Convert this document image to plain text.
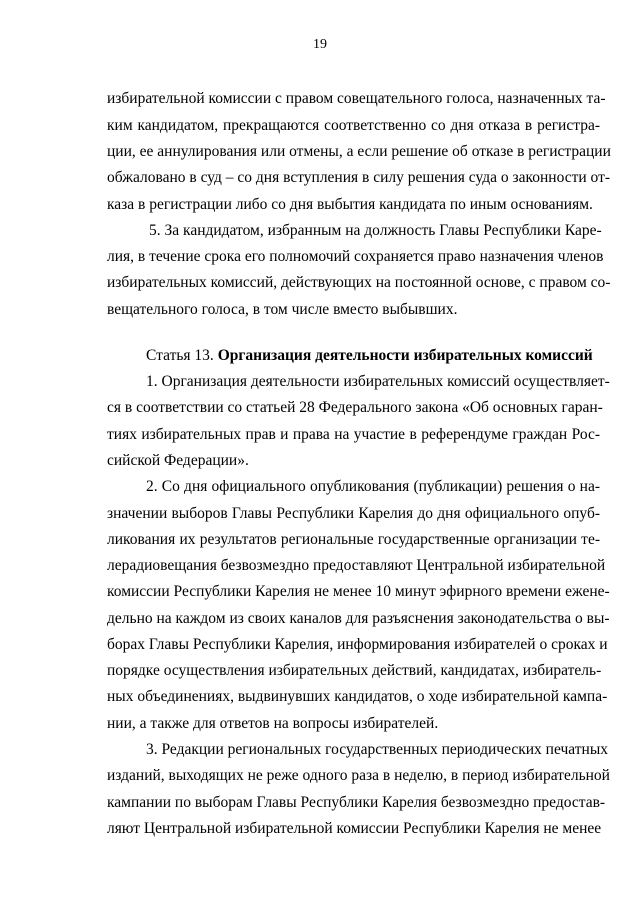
19
избирательной комиссии с правом совещательного голоса, назначенных та-
ким кандидатом, прекращаются соответственно со дня отказа в регистра-
ции, ее аннулирования или отмены, а если решение об отказе в регистрации
обжаловано в суд – со дня вступления в силу решения суда о законности от-
каза в регистрации либо со дня выбытия кандидата по иным основаниям.
5. За кандидатом, избранным на должность Главы Республики Каре-
лия, в течение срока его полномочий сохраняется право назначения членов
избирательных комиссий, действующих на постоянной основе, с правом со-
вещательного голоса, в том числе вместо выбывших.
Статья 13. Организация деятельности избирательных комиссий
1. Организация деятельности избирательных комиссий осуществляет-
ся в соответствии со статьей 28 Федерального закона «Об основных гаран-
тиях избирательных прав и права на участие в референдуме граждан Рос-
сийской Федерации».
2. Со дня официального опубликования (публикации) решения о на-
значении выборов Главы Республики Карелия до дня официального опуб-
ликования их результатов региональные государственные организации те-
лерадиовещания безвозмездно предоставляют Центральной избирательной
комиссии Республики Карелия не менее 10 минут эфирного времени еженe-
дельно на каждом из своих каналов для разъяснения законодательства о вы-
борах Главы Республики Карелия, информирования избирателей о сроках и
порядке осуществления избирательных действий, кандидатах, избиратель-
ных объединениях, выдвинувших кандидатов, о ходе избирательной кампа-
нии, а также для ответов на вопросы избирателей.
3. Редакции региональных государственных периодических печатных
изданий, выходящих не реже одного раза в неделю, в период избирательной
кампании по выборам Главы Республики Карелия безвозмездно предостав-
ляют Центральной избирательной комиссии Республики Карелия не менее
